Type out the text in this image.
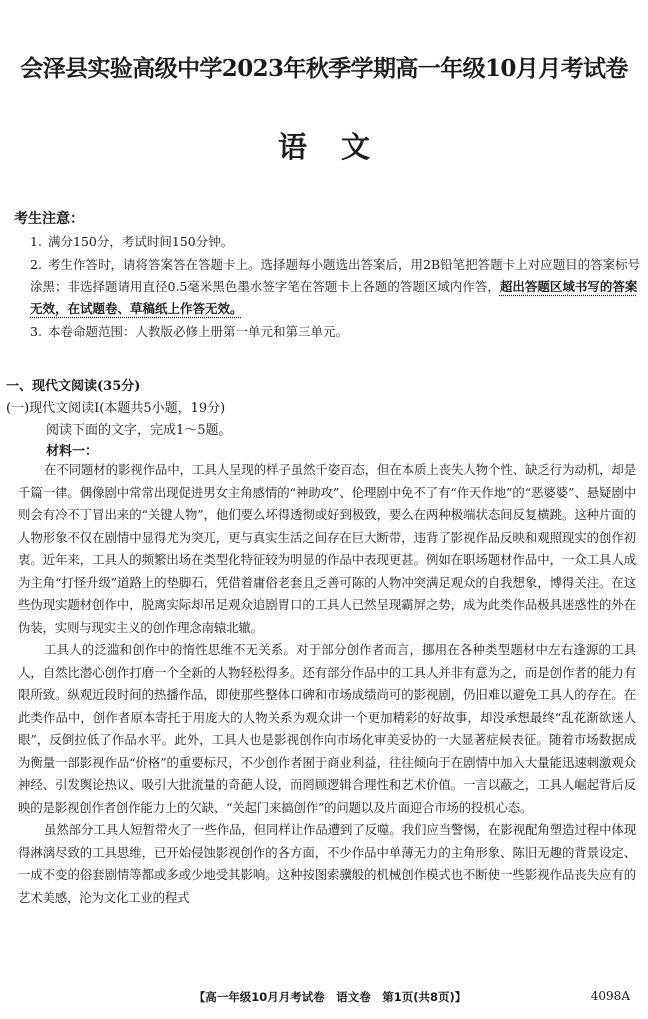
会泽县实验高级中学2023年秋季学期高一年级10月月考试卷
语文
考生注意：
1. 满分150分，考试时间150分钟。
2. 考生作答时，请将答案答在答题卡上。选择题每小题选出答案后，用2B铅笔把答题卡上对应题目的答案标号涂黑；非选择题请用直径0.5毫米黑色墨水签字笔在答题卡上各题的答题区域内作答，超出答题区域书写的答案无效，在试题卷、草稿纸上作答无效。
3. 本卷命题范围：人教版必修上册第一单元和第三单元。
一、现代文阅读(35分)
(一)现代文阅读Ⅰ(本题共5小题，19分)
阅读下面的文字，完成1～5题。
材料一：

在不同题材的影视作品中，工具人呈现的样子虽然千姿百态，但在本质上丧失人物个性、缺乏行为动机，却是千篇一律。偶像剧中常常出现促进男女主角感情的“神助攻”、伦理剧中免不了有“作天作地”的“恶婆婆”、悬疑剧中则会有冷不丁冒出来的“关键人物”，他们要么坏得透彻或好到极致，要么在两种极端状态间反复横跳。这种片面的人物形象不仅在剧情中显得尤为突兀，更与真实生活之间存在巨大断带，违背了影视作品反映和观照现实的创作初衷。近年来，工具人的频繁出场在类型化特征较为明显的作品中表现更甚。例如在职场题材作品中，一众工具人成为主角“打怪升级”道路上的垫脚石，凭借着庸俗老套且乏善可陈的人物冲突满足观众的自我想象，博得关注。在这些伪现实题材创作中，脱离实际却吊足观众追剧胃口的工具人已然呈现霸屏之势，成为此类作品极具迷惑性的外在伪装，实则与现实主义的创作理念南辕北辙。

工具人的泛滥和创作中的惰性思维不无关系。对于部分创作者而言，挪用在各种类型题材中左右逢源的工具人，自然比潜心创作打磨一个全新的人物轻松得多。还有部分作品中的工具人并非有意为之，而是创作者的能力有限所致。纵观近段时间的热播作品，即使那些整体口碑和市场成绩尚可的影视剧，仍旧难以避免工具人的存在。在此类作品中，创作者原本寄托于用庞大的人物关系为观众讲一个更加精彩的好故事，却没承想最终“乱花渐欲迷人眼”，反倒拉低了作品水平。此外，工具人也是影视创作向市场化审美妥协的一大显著症候表征。随着市场数据成为衡量一部影视作品“价格”的重要标尺，不少创作者囿于商业利益，往往倾向于在剧情中加入大量能迅速刺激观众神经、引发舆论热议、吸引大批流量的奇葩人设，而罔顾逻辑合理性和艺术价值。一言以蔽之，工具人崛起背后反映的是影视创作者创作能力上的欠缺、“关起门来搞创作”的问题以及片面迎合市场的投机心态。

虽然部分工具人短暂带火了一些作品，但同样让作品遭到了反噬。我们应当警惕，在影视配角塑造过程中体现得淋漓尽致的工具思维，已开始侵蚀影视创作的各方面，不少作品中单薄无力的主角形象、陈旧无趣的背景设定、一成不变的俗套剧情等都或多或少地受其影响。这种按图索骥般的机械创作模式也不断使一些影视作品丧失应有的艺术美感，沦为文化工业的程式

【高一年级10月月考试卷　语文卷　第1页(共8页)】	4098A
